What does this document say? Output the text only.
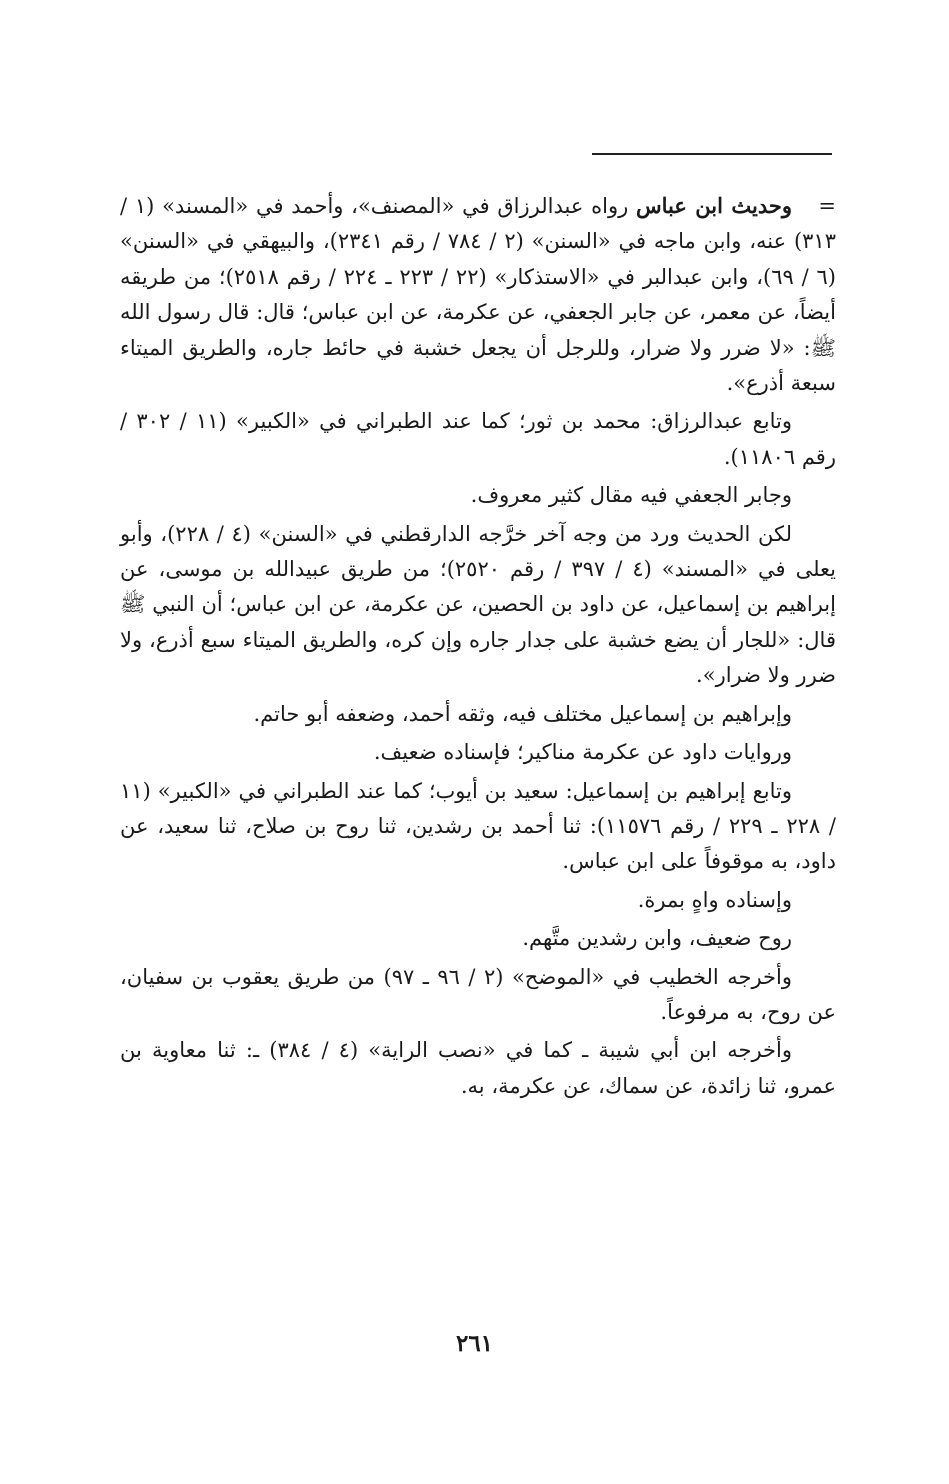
=وحديث ابن عباس رواه عبدالرزاق في «المصنف»، وأحمد في «المسند» (١ / ٣١٣) عنه، وابن ماجه في «السنن» (٢ / ٧٨٤ / رقم ٢٣٤١)، والبيهقي في «السنن» (٦ / ٦٩)، وابن عبدالبر في «الاستذكار» (٢٢ / ٢٢٣ ـ ٢٢٤ / رقم ٢٥١٨)؛ من طريقه أيضاً، عن معمر، عن جابر الجعفي، عن عكرمة، عن ابن عباس؛ قال: قال رسول الله ﷺ: «لا ضرر ولا ضرار، وللرجل أن يجعل خشبة في حائط جاره، والطريق الميتاء سبعة أذرع».

وتابع عبدالرزاق: محمد بن ثور؛ كما عند الطبراني في «الكبير» (١١ / ٣٠٢ / رقم ١١٨٠٦).

وجابر الجعفي فيه مقال كثير معروف.

لكن الحديث ورد من وجه آخر خرَّجه الدارقطني في «السنن» (٤ / ٢٢٨)، وأبو يعلى في «المسند» (٤ / ٣٩٧ / رقم ٢٥٢٠)؛ من طريق عبيدالله بن موسى، عن إبراهيم بن إسماعيل، عن داود بن الحصين، عن عكرمة، عن ابن عباس؛ أن النبي ﷺ قال: «للجار أن يضع خشبة على جدار جاره وإن كره، والطريق الميتاء سبع أذرع، ولا ضرر ولا ضرار».

وإبراهيم بن إسماعيل مختلف فيه، وثقه أحمد، وضعفه أبو حاتم.

وروايات داود عن عكرمة مناكير؛ فإسناده ضعيف.

وتابع إبراهيم بن إسماعيل: سعيد بن أيوب؛ كما عند الطبراني في «الكبير» (١١ / ٢٢٨ ـ ٢٢٩ / رقم ١١٥٧٦): ثنا أحمد بن رشدين، ثنا روح بن صلاح، ثنا سعيد، عن داود، به موقوفاً على ابن عباس.

وإسناده واهٍ بمرة.

روح ضعيف، وابن رشدين متَّهم.

وأخرجه الخطيب في «الموضح» (٢ / ٩٦ ـ ٩٧) من طريق يعقوب بن سفيان، عن روح، به مرفوعاً.

وأخرجه ابن أبي شيبة ـ كما في «نصب الراية» (٤ / ٣٨٤) ـ: ثنا معاوية بن عمرو، ثنا زائدة، عن سماك، عن عكرمة، به.

٢٦١
